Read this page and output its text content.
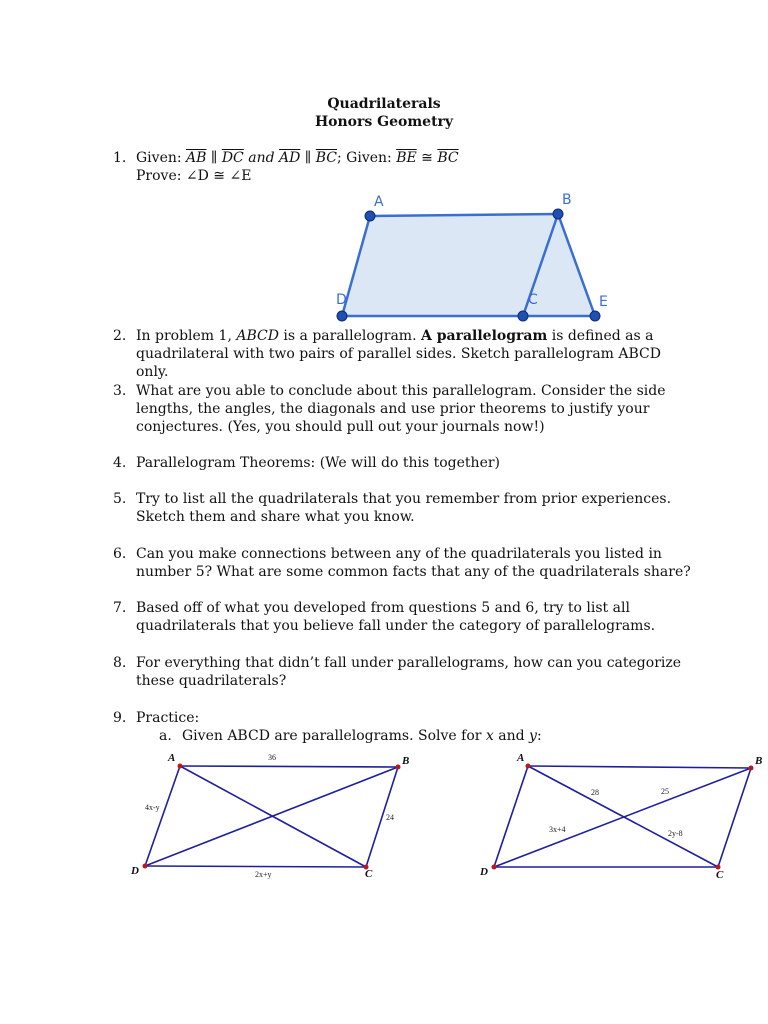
Quadrilaterals
Honors Geometry
1. Given: $\overline{AB}$ ∥ $\overline{DC}$ and $\overline{AD}$ ∥ $\overline{BC}$; Given: $\overline{BE}$ ≅ $\overline{BC}$
Prove: ∠D ≅ ∠E
A	B
D	C	E
2. In problem 1, ABCD is a parallelogram. A parallelogram is defined as a quadrilateral with two pairs of parallel sides. Sketch parallelogram ABCD only.
3. What are you able to conclude about this parallelogram. Consider the side lengths, the angles, the diagonals and use prior theorems to justify your conjectures. (Yes, you should pull out your journals now!)
4. Parallelogram Theorems: (We will do this together)
5. Try to list all the quadrilaterals that you remember from prior experiences. Sketch them and share what you know.
6. Can you make connections between any of the quadrilaterals you listed in number 5? What are some common facts that any of the quadrilaterals share?
7. Based off of what you developed from questions 5 and 6, try to list all quadrilaterals that you believe fall under the category of parallelograms.
8. For everything that didn’t fall under parallelograms, how can you categorize these quadrilaterals?
9. Practice:
a. Given ABCD are parallelograms. Solve for x and y:
A	B
C
D
36
4x-y
24
2x+y
A	B
C
D
28	25
3x+4	2y-8
